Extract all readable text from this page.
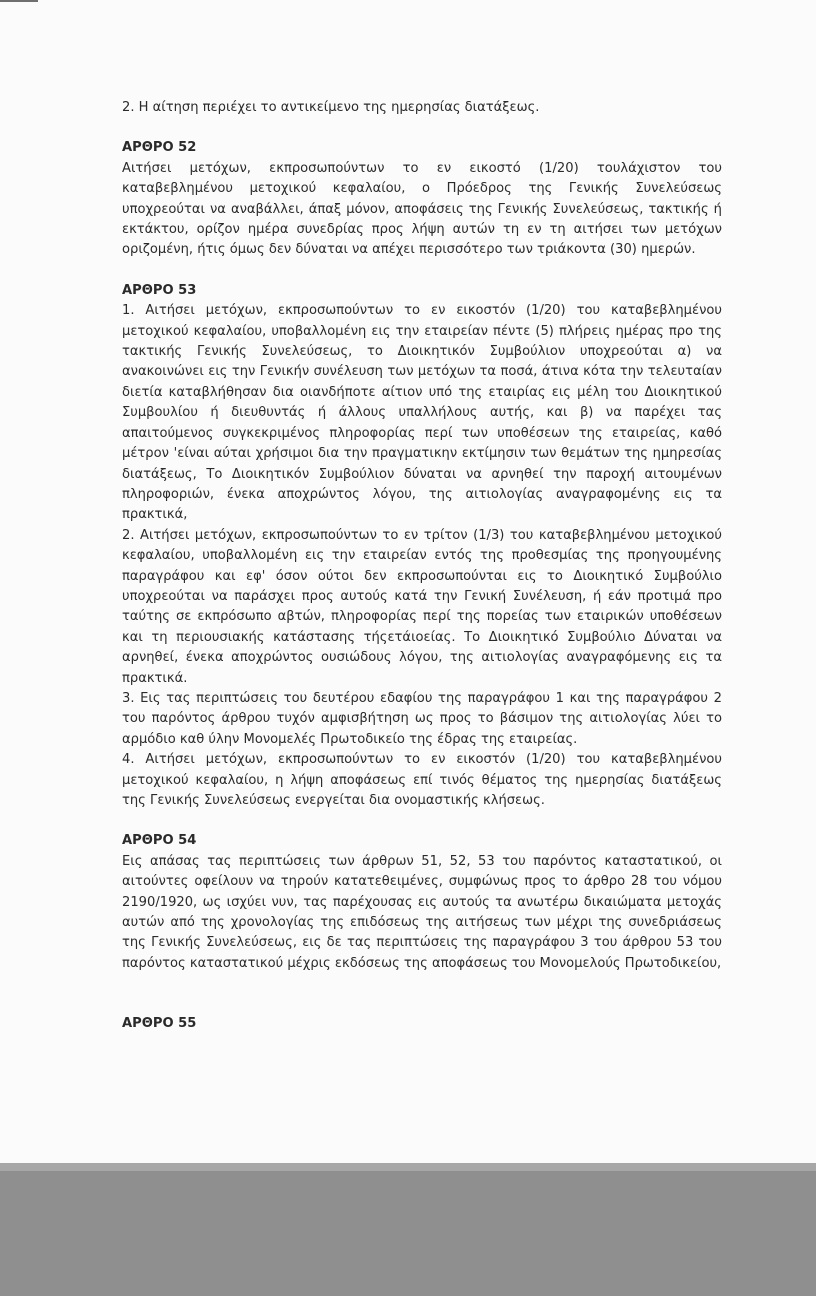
2. Η αίτηση περιέχει το αντικείμενο της ημερησίας διατάξεως.

ΑΡΘΡΟ 52

Αιτήσει μετόχων, εκπροσωπούντων το εν εικοστό (1/20) τουλάχιστον του καταβεβλημένου μετοχικού κεφαλαίου, ο Πρόεδρος της Γενικής Συνελεύσεως υποχρεούται να αναβάλλει, άπαξ μόνον, αποφάσεις της Γενικής Συνελεύσεως, τακτικής ή εκτάκτου, ορίζον ημέρα συνεδρίας προς λήψη αυτών τη εν τη αιτήσει των μετόχων οριζομένη, ήτις όμως δεν δύναται να απέχει περισσότερο των τριάκοντα (30) ημερών.

ΑΡΘΡΟ 53

1. Αιτήσει μετόχων, εκπροσωπούντων το εν εικοστόν (1/20) του καταβεβλημένου μετοχικού κεφαλαίου, υποβαλλομένη εις την εταιρείαν πέντε (5) πλήρεις ημέρας προ της τακτικής Γενικής Συνελεύσεως, το Διοικητικόν Συμβούλιον υποχρεούται α) να ανακοινώνει εις την Γενικήν συνέλευση των μετόχων τα ποσά, άτινα κότα την τελευταίαν διετία καταβλήθησαν δια οιανδήποτε αίτιον υπό της εταιρίας εις μέλη του Διοικητικού Συμβουλίου ή διευθυντάς ή άλλους υπαλλήλους αυτής, και β) να παρέχει τας απαιτούμενος συγκεκριμένος πληροφορίας περί των υποθέσεων της εταιρείας, καθό μέτρον 'είναι αύται χρήσιμοι δια την πραγματικην εκτίμησιν των θεμάτων της ημηρεσίας διατάξεως, Το Διοικητικόν Συμβούλιον δύναται να αρνηθεί την παροχή αιτουμένων πληροφοριών, ένεκα αποχρώντος λόγου, της αιτιολογίας αναγραφομένης εις τα πρακτικά,

2. Αιτήσει μετόχων, εκπροσωπούντων το εν τρίτον (1/3) του καταβεβλημένου μετοχικού κεφαλαίου, υποβαλλομένη εις την εταιρείαν εντός της προθεσμίας της προηγουμένης παραγράφου και εφ' όσον ούτοι δεν εκπροσωπούνται εις το Διοικητικό Συμβούλιο υποχρεούται να παράσχει προς αυτούς κατά την Γενική Συνέλευση, ή εάν προτιμά προ ταύτης σε εκπρόσωπο αβτών, πληροφορίας περί της πορείας των εταιρικών υποθέσεων και τη περιουσιακής κατάστασης τήςετάιοείας. Το Διοικητικό Συμβούλιο Δύναται να αρνηθεί, ένεκα αποχρώντος ουσιώδους λόγου, της αιτιολογίας αναγραφόμενης εις τα πρακτικά.

3. Εις τας περιπτώσεις του δευτέρου εδαφίου της παραγράφου 1 και της παραγράφου 2 του παρόντος άρθρου τυχόν αμφισβήτηση ως προς το βάσιμον της αιτιολογίας λύει το αρμόδιο καθ ύλην Μονομελές Πρωτοδικείο της έδρας της εταιρείας.

4. Αιτήσει μετόχων, εκπροσωπούντων το εν εικοστόν (1/20) του καταβεβλημένου μετοχικού κεφαλαίου, η λήψη αποφάσεως επί τινός θέματος της ημερησίας διατάξεως της Γενικής Συνελεύσεως ενεργείται δια ονομαστικής κλήσεως.

ΑΡΘΡΟ 54

Εις απάσας τας περιπτώσεις των άρθρων 51, 52, 53 του παρόντος καταστατικού, οι αιτούντες οφείλουν να τηρούν κατατεθειμένες, συμφώνως προς το άρθρο 28 του νόμου 2190/1920, ως ισχύει νυν, τας παρέχουσας εις αυτούς τα ανωτέρω δικαιώματα μετοχάς αυτών από της χρονολογίας της επιδόσεως της αιτήσεως των μέχρι της συνεδριάσεως της Γενικής Συνελεύσεως, εις δε τας περιπτώσεις της παραγράφου 3 του άρθρου 53 του παρόντος καταστατικού μέχρις εκδόσεως της αποφάσεως του Μονομελούς Πρωτοδικείου,

ΑΡΘΡΟ 55
